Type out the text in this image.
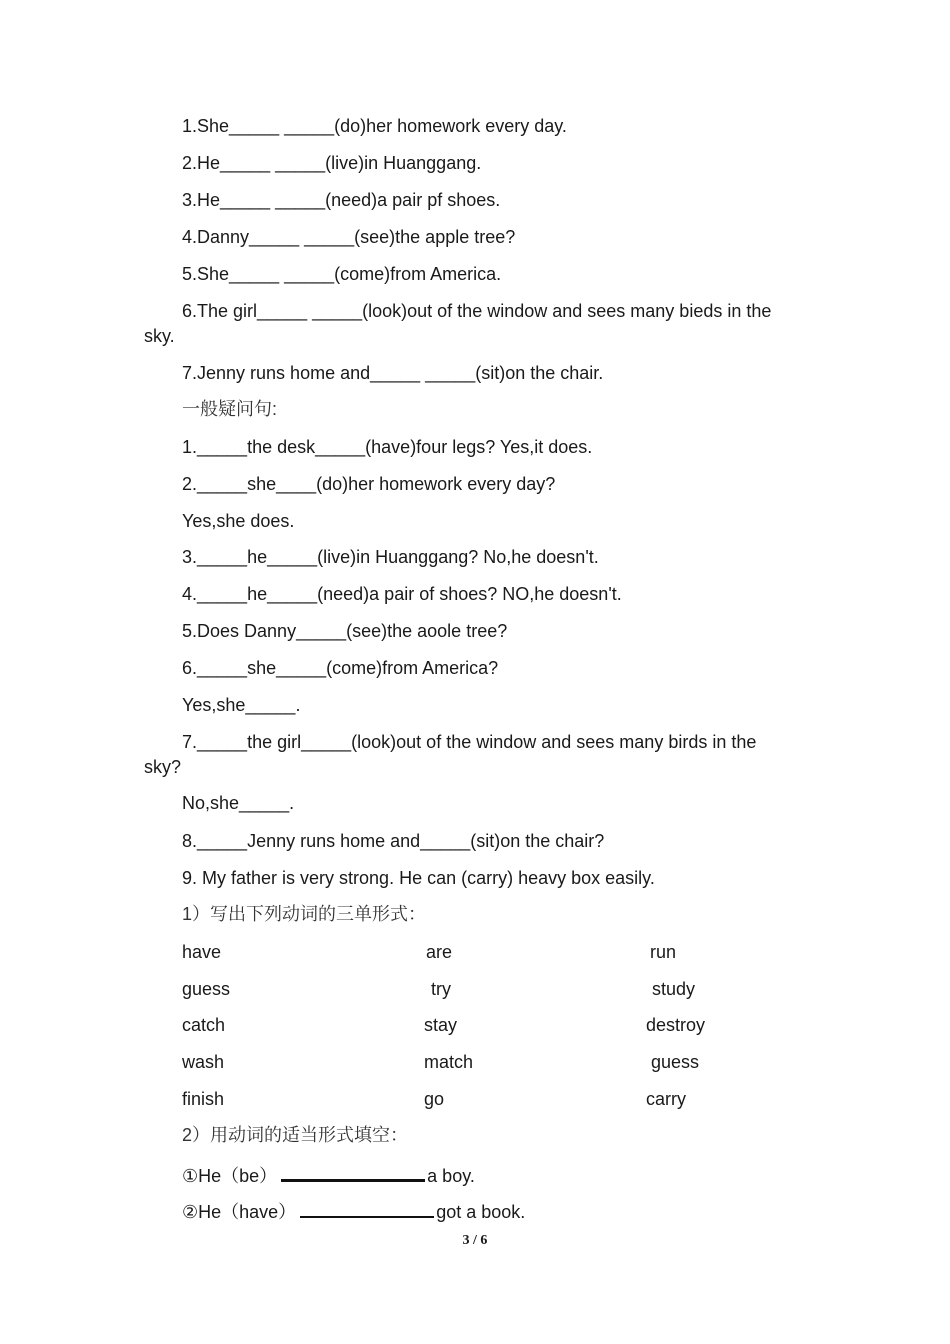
1.She_____ _____(do)her homework every day.
2.He_____ _____(live)in Huanggang.
3.He_____ _____(need)a pair pf shoes.
4.Danny_____ _____(see)the apple tree?
5.She_____ _____(come)from America.
6.The girl_____ _____(look)out of the window and sees many bieds in the
sky.
7.Jenny runs home and_____ _____(sit)on the chair.
一般疑问句:
1._____the desk_____(have)four legs? Yes,it does.
2._____she____(do)her homework every day?
Yes,she does.
3._____he_____(live)in Huanggang? No,he doesn't.
4._____he_____(need)a pair of shoes? NO,he doesn't.
5.Does Danny_____(see)the aoole tree?
6._____she_____(come)from America?
Yes,she_____.
7._____the girl_____(look)out of the window and sees many birds in the
sky?
No,she_____.
8._____Jenny runs home and_____(sit)on the chair?
9. My father is very strong. He can (carry) heavy box easily.
1）写出下列动词的三单形式：
have	are	run
guess	try	study
catch	stay	destroy
wash	match	guess
finish	go	carry
2）用动词的适当形式填空：
①He（be）	a boy.
②He（have）	got a book.
3 / 6
